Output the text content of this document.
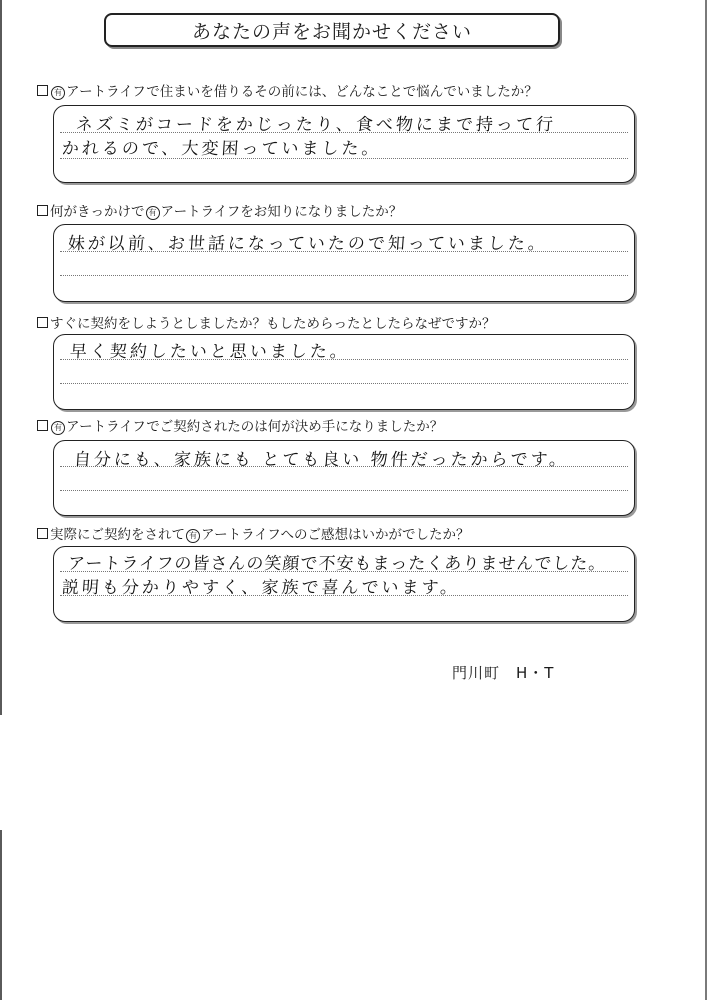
あなたの声をお聞かせください
有 アートライフで住まいを借りるその前には、どんなことで悩んでいましたか？
ネズミがコードをかじったり、食べ物にまで持って行
かれるので、大変困っていました。
何がきっかけで 有 アートライフをお知りになりましたか？
妹が以前、お世話になっていたので知っていました。
すぐに契約をしようとしましたか？もしためらったとしたらなぜですか？
早く契約したいと思いました。
有 アートライフでご契約されたのは何が決め手になりましたか？
自分にも、家族にも とても良い 物件だったからです。
実際にご契約をされて 有 アートライフへのご感想はいかがでしたか？
アートライフの皆さんの笑顔で不安もまったくありませんでした。
説明も分かりやすく、家族で喜んでいます。
門川町　H・T
